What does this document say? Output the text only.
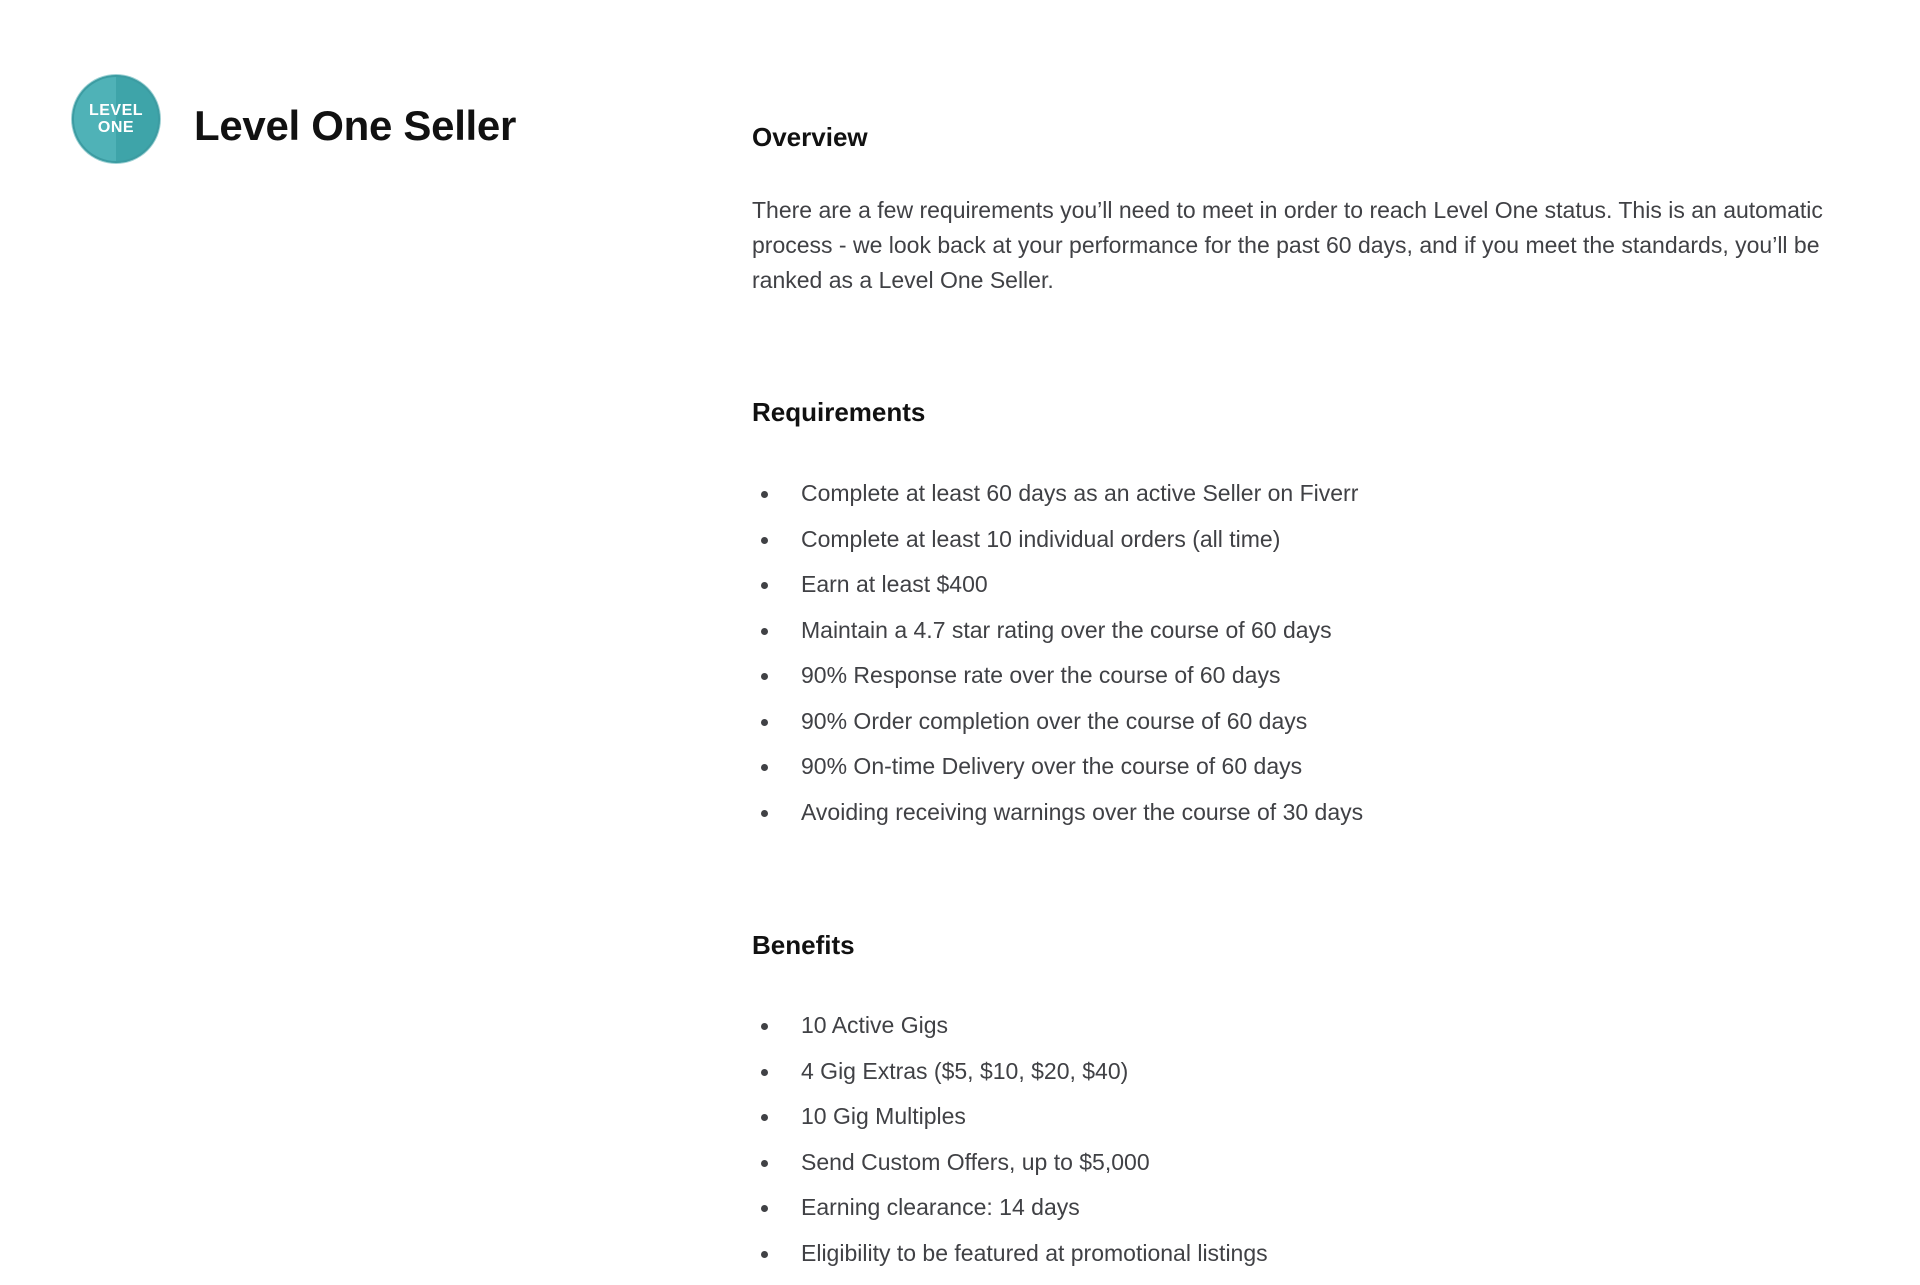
LEVEL
ONE Level One Seller	Overview

There are a few requirements you’ll need to meet in order to reach Level One status. This is an automatic process - we look back at your performance for the past 60 days, and if you meet the standards, you’ll be ranked as a Level One Seller.

Requirements
Complete at least 60 days as an active Seller on Fiverr
Complete at least 10 individual orders (all time)
Earn at least $400
Maintain a 4.7 star rating over the course of 60 days
90% Response rate over the course of 60 days
90% Order completion over the course of 60 days
90% On-time Delivery over the course of 60 days
Avoiding receiving warnings over the course of 30 days
Benefits
10 Active Gigs
4 Gig Extras ($5, $10, $20, $40)
10 Gig Multiples
Send Custom Offers, up to $5,000
Earning clearance: 14 days
Eligibility to be featured at promotional listings
